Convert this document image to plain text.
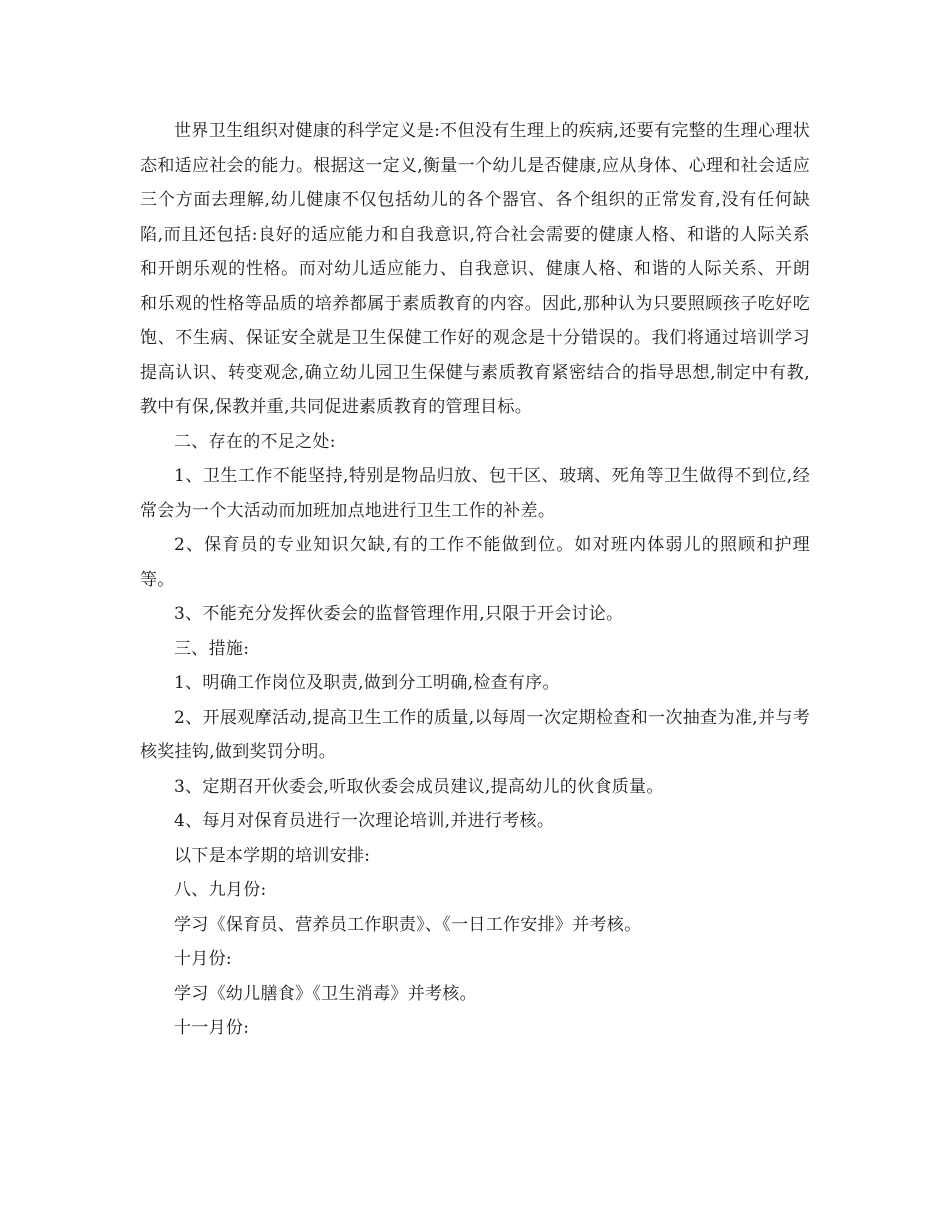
世界卫生组织对健康的科学定义是:不但没有生理上的疾病,还要有完整的生理心理状态和适应社会的能力。根据这一定义,衡量一个幼儿是否健康,应从身体、心理和社会适应三个方面去理解,幼儿健康不仅包括幼儿的各个器官、各个组织的正常发育,没有任何缺陷,而且还包括:良好的适应能力和自我意识,符合社会需要的健康人格、和谐的人际关系和开朗乐观的性格。而对幼儿适应能力、自我意识、健康人格、和谐的人际关系、开朗和乐观的性格等品质的培养都属于素质教育的内容。因此,那种认为只要照顾孩子吃好吃饱、不生病、保证安全就是卫生保健工作好的观念是十分错误的。我们将通过培训学习提高认识、转变观念,确立幼儿园卫生保健与素质教育紧密结合的指导思想,制定中有教,教中有保,保教并重,共同促进素质教育的管理目标。

二、存在的不足之处:

1、卫生工作不能坚持,特别是物品归放、包干区、玻璃、死角等卫生做得不到位,经常会为一个大活动而加班加点地进行卫生工作的补差。

2、保育员的专业知识欠缺,有的工作不能做到位。如对班内体弱儿的照顾和护理等。

3、不能充分发挥伙委会的监督管理作用,只限于开会讨论。

三、措施:

1、明确工作岗位及职责,做到分工明确,检查有序。

2、开展观摩活动,提高卫生工作的质量,以每周一次定期检查和一次抽查为准,并与考核奖挂钩,做到奖罚分明。

3、定期召开伙委会,听取伙委会成员建议,提高幼儿的伙食质量。

4、每月对保育员进行一次理论培训,并进行考核。

以下是本学期的培训安排:

八、九月份:

学习《保育员、营养员工作职责》、《一日工作安排》并考核。

十月份:

学习《幼儿膳食》《卫生消毒》并考核。

十一月份:
